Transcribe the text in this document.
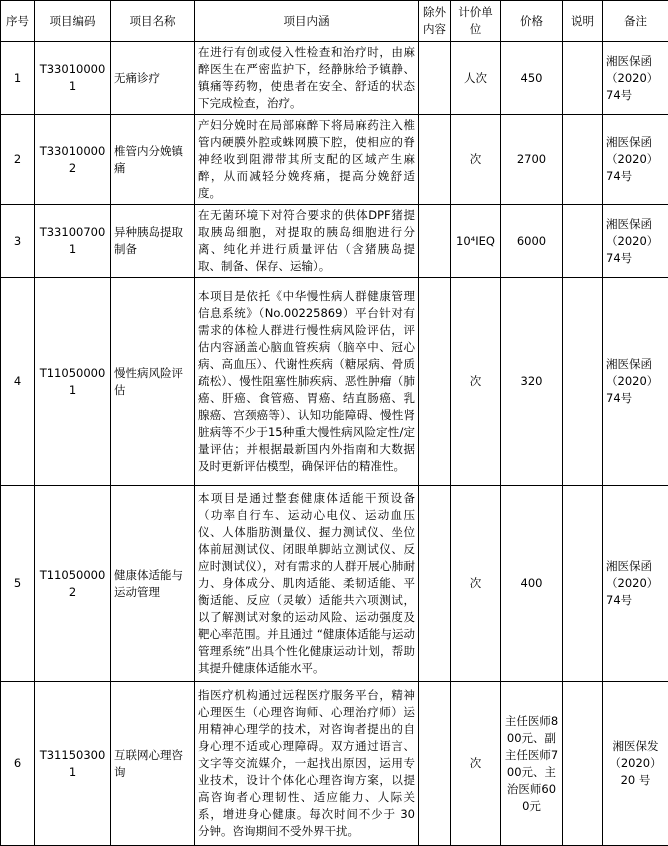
序号	项目编码	项目名称	项目内涵	除外内容	计价单位	价格	说明	备注
1	T330100001	无痛诊疗	在进行有创或侵入性检查和治疗时，由麻醉医生在严密监护下，经静脉给予镇静、镇痛等药物，使患者在安全、舒适的状态下完成检查，治疗。		人次	450		湘医保函（2020）74号
2	T330100002	椎管内分娩镇痛	产妇分娩时在局部麻醉下将局麻药注入椎管内硬膜外腔或蛛网膜下腔，使相应的脊神经收到阻滞带其所支配的区域产生麻醉，从而减轻分娩疼痛，提高分娩舒适度。		次	2700		湘医保函（2020）74号
3	T331007001	异种胰岛提取制备	在无菌环境下对符合要求的供体DPF猪提取胰岛细胞，对提取的胰岛细胞进行分离、纯化并进行质量评估（含猪胰岛提取、制备、保存、运输）。		10⁴IEQ	6000		湘医保函（2020）74号
4	T110500001	慢性病风险评估	本项目是依托《中华慢性病人群健康管理信息系统》（No.00225869）平台针对有需求的体检人群进行慢性病风险评估，评估内容涵盖心脑血管疾病（脑卒中、冠心病、高血压）、代谢性疾病（糖尿病、骨质疏松）、慢性阻塞性肺疾病、恶性肿瘤（肺癌、肝癌、食管癌、胃癌、结直肠癌、乳腺癌、宫颈癌等）、认知功能障碍、慢性肾脏病等不少于15种重大慢性病风险定性/定量评估；并根据最新国内外指南和大数据及时更新评估模型，确保评估的精准性。		次	320		湘医保函（2020）74号
5	T110500002	健康体适能与运动管理	本项目是通过整套健康体适能干预设备（功率自行车、运动心电仪、运动血压仪、人体脂肪测量仪、握力测试仪、坐位体前屈测试仪、闭眼单脚站立测试仪、反应时测试仪），对有需求的人群开展心肺耐力、身体成分、肌肉适能、柔韧适能、平衡适能、反应（灵敏）适能共六项测试，以了解测试对象的运动风险、运动强度及靶心率范围。并且通过 “健康体适能与运动管理系统”出具个性化健康运动计划，帮助其提升健康体适能水平。		次	400		湘医保函（2020）74号
6	T311503001	互联网心理咨询	指医疗机构通过远程医疗服务平台，精神心理医生（心理咨询师、心理治疗师）运用精神心理学的技术，对咨询者提出的自身心理不适或心理障碍。双方通过语言、文字等交流媒介，一起找出原因，运用专业技术，设计个体化心理咨询方案，以提高咨询者心理韧性、适应能力、人际关系，增进身心健康。每次时间不少于 30 分钟。咨询期间不受外界干扰。		次	主任医师800元、副主任医师700元、主治医师600元		湘医保发（2020）20 号
